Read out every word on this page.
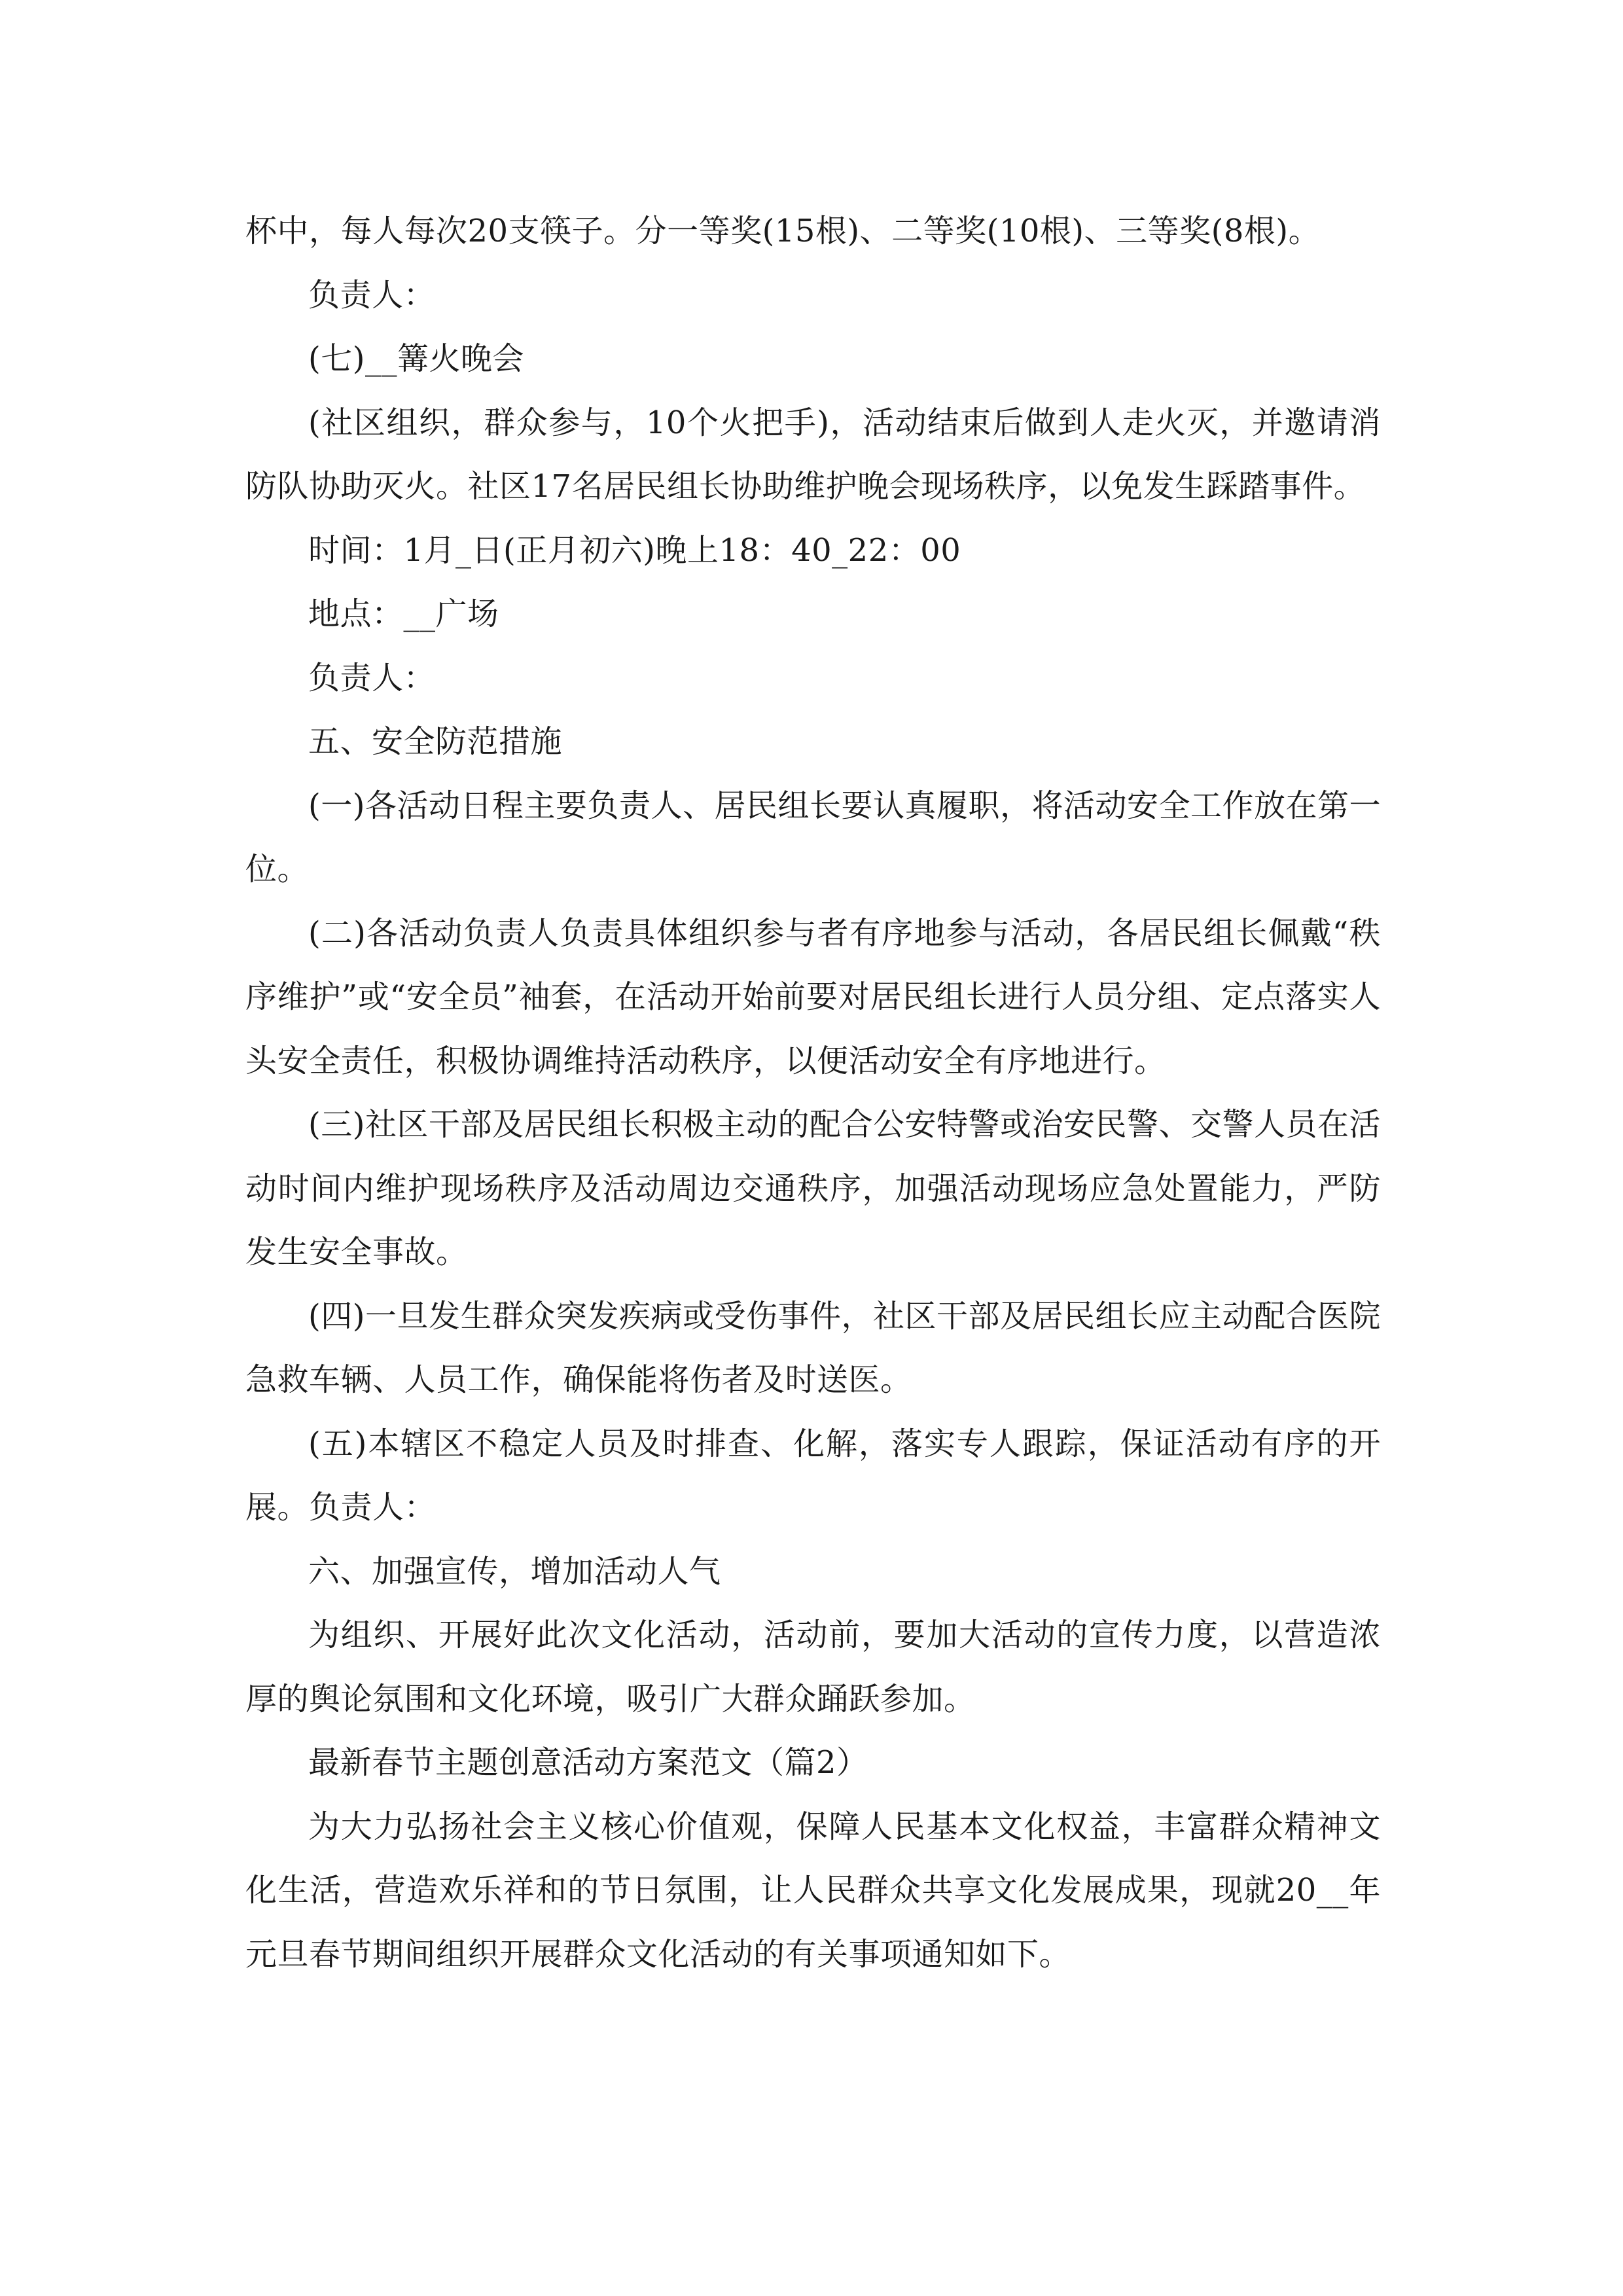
杯中，每人每次20支筷子。分一等奖(15根)、二等奖(10根)、三等奖(8根)。

负责人：

(七)__篝火晚会

(社区组织，群众参与，10个火把手)，活动结束后做到人走火灭，并邀请消防队协助灭火。社区17名居民组长协助维护晚会现场秩序，以免发生踩踏事件。

时间：1月_日(正月初六)晚上18：40_22：00

地点：__广场

负责人：

五、安全防范措施

(一)各活动日程主要负责人、居民组长要认真履职，将活动安全工作放在第一位。

(二)各活动负责人负责具体组织参与者有序地参与活动，各居民组长佩戴“秩序维护”或“安全员”袖套，在活动开始前要对居民组长进行人员分组、定点落实人头安全责任，积极协调维持活动秩序，以便活动安全有序地进行。

(三)社区干部及居民组长积极主动的配合公安特警或治安民警、交警人员在活动时间内维护现场秩序及活动周边交通秩序，加强活动现场应急处置能力，严防发生安全事故。

(四)一旦发生群众突发疾病或受伤事件，社区干部及居民组长应主动配合医院急救车辆、人员工作，确保能将伤者及时送医。

(五)本辖区不稳定人员及时排查、化解，落实专人跟踪，保证活动有序的开展。负责人：

六、加强宣传，增加活动人气

为组织、开展好此次文化活动，活动前，要加大活动的宣传力度，以营造浓厚的舆论氛围和文化环境，吸引广大群众踊跃参加。

最新春节主题创意活动方案范文（篇2）

为大力弘扬社会主义核心价值观，保障人民基本文化权益，丰富群众精神文化生活，营造欢乐祥和的节日氛围，让人民群众共享文化发展成果，现就20__年元旦春节期间组织开展群众文化活动的有关事项通知如下。
